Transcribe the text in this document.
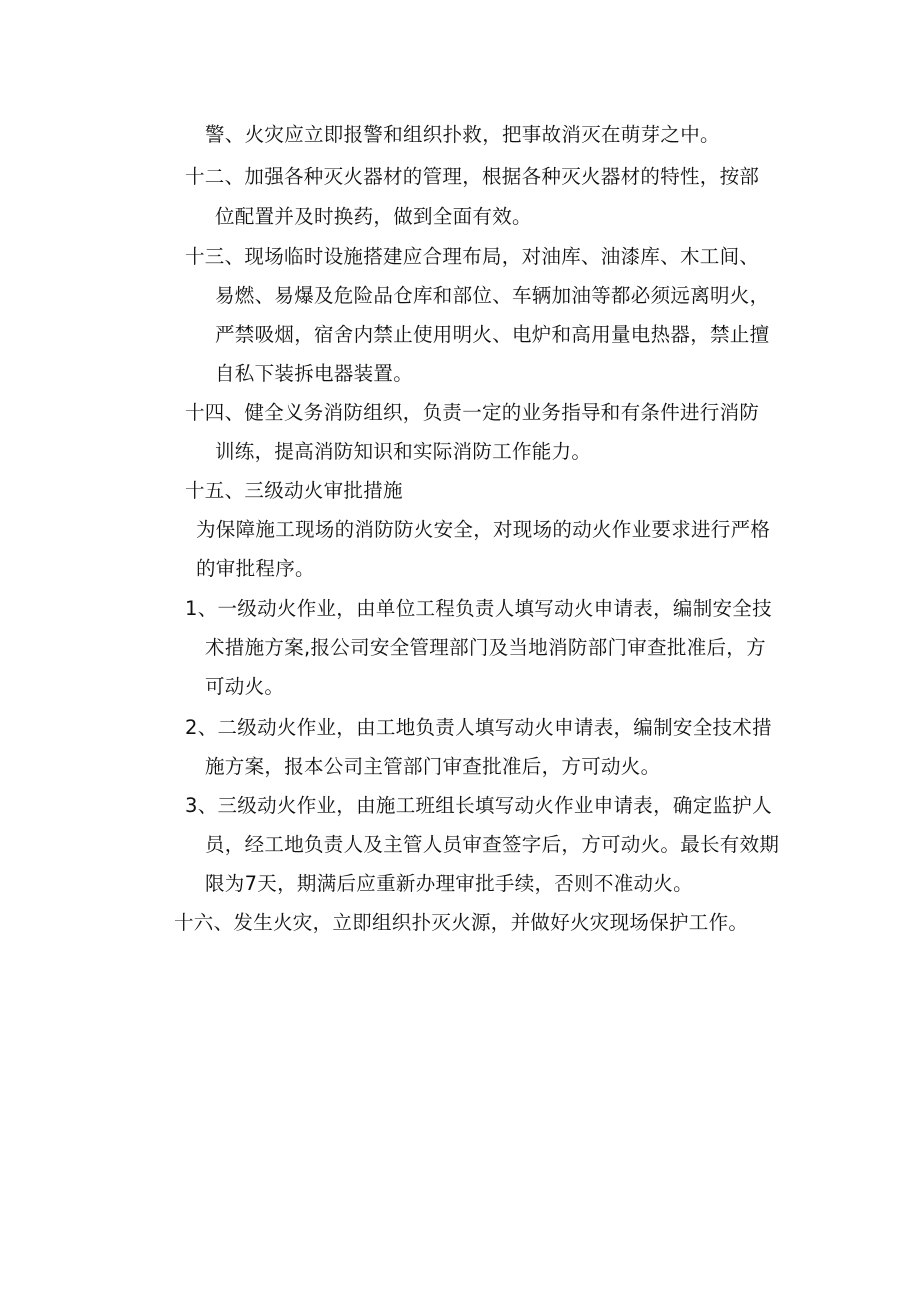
警、火灾应立即报警和组织扑救，把事故消灭在萌芽之中。
十二、加强各种灭火器材的管理，根据各种灭火器材的特性，按部
位配置并及时换药，做到全面有效。
十三、现场临时设施搭建应合理布局，对油库、油漆库、木工间、
易燃、易爆及危险品仓库和部位、车辆加油等都必须远离明火，
严禁吸烟，宿舍内禁止使用明火、电炉和高用量电热器，禁止擅
自私下装拆电器装置。
十四、健全义务消防组织，负责一定的业务指导和有条件进行消防
训练，提高消防知识和实际消防工作能力。
十五、三级动火审批措施
为保障施工现场的消防防火安全，对现场的动火作业要求进行严格
的审批程序。
1、一级动火作业，由单位工程负责人填写动火申请表，编制安全技
术措施方案,报公司安全管理部门及当地消防部门审查批准后，方
可动火。
2、二级动火作业，由工地负责人填写动火申请表，编制安全技术措
施方案，报本公司主管部门审查批准后，方可动火。
3、三级动火作业，由施工班组长填写动火作业申请表，确定监护人
员，经工地负责人及主管人员审查签字后，方可动火。最长有效期
限为7天，期满后应重新办理审批手续，否则不准动火。
十六、发生火灾，立即组织扑灭火源，并做好火灾现场保护工作。
